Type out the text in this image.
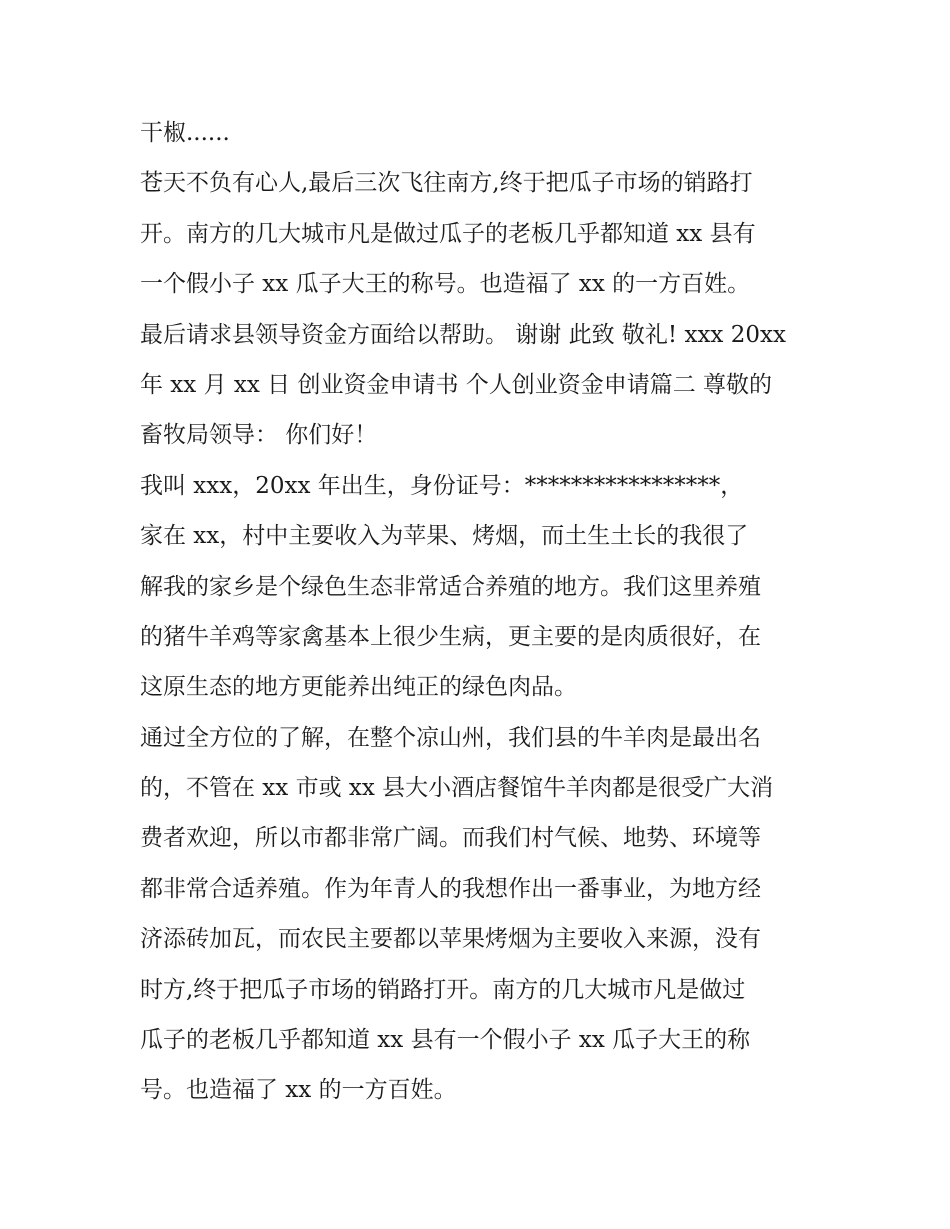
干椒......
苍天不负有心人,最后三次飞往南方,终于把瓜子市场的销路打
开。南方的几大城市凡是做过瓜子的老板几乎都知道 xx 县有
一个假小子 xx 瓜子大王的称号。也造福了 xx 的一方百姓。
最后请求县领导资金方面给以帮助。 谢谢 此致 敬礼! xxx 20xx
年 xx 月 xx 日 创业资金申请书 个人创业资金申请篇二 尊敬的
畜牧局领导： 你们好！
我叫 xxx，20xx 年出生，身份证号：*****************，
家在 xx，村中主要收入为苹果、烤烟，而土生土长的我很了
解我的家乡是个绿色生态非常适合养殖的地方。我们这里养殖
的猪牛羊鸡等家禽基本上很少生病，更主要的是肉质很好，在
这原生态的地方更能养出纯正的绿色肉品。
通过全方位的了解，在整个凉山州，我们县的牛羊肉是最出名
的，不管在 xx 市或 xx 县大小酒店餐馆牛羊肉都是很受广大消
费者欢迎，所以市都非常广阔。而我们村气候、地势、环境等
都非常合适养殖。作为年青人的我想作出一番事业，为地方经
济添砖加瓦，而农民主要都以苹果烤烟为主要收入来源，没有
时方,终于把瓜子市场的销路打开。南方的几大城市凡是做过
瓜子的老板几乎都知道 xx 县有一个假小子 xx 瓜子大王的称
号。也造福了 xx 的一方百姓。
